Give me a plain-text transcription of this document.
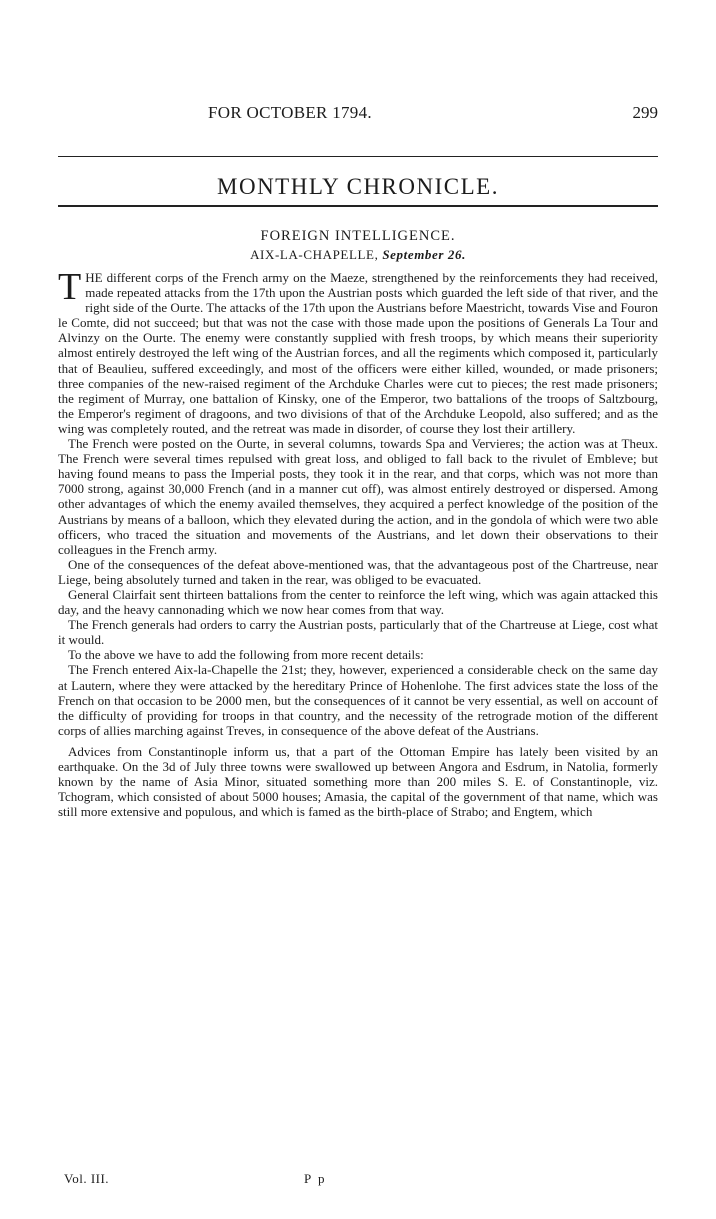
FOR OCTOBER 1794.	299
MONTHLY CHRONICLE.
FOREIGN INTELLIGENCE.
AIX-LA-CHAPELLE, September 26.

THE different corps of the French army on the Maeze, strengthened by the reinforcements they had received, made repeated attacks from the 17th upon the Austrian posts which guarded the left side of that river, and the right side of the Ourte. The attacks of the 17th upon the Austrians before Maestricht, towards Vise and Fouron le Comte, did not succeed; but that was not the case with those made upon the positions of Generals La Tour and Alvinzy on the Ourte. The enemy were constantly supplied with fresh troops, by which means their superiority almost entirely destroyed the left wing of the Austrian forces, and all the regiments which composed it, particularly that of Beaulieu, suffered exceedingly, and most of the officers were either killed, wounded, or made prisoners; three companies of the new-raised regiment of the Archduke Charles were cut to pieces; the rest made prisoners; the regiment of Murray, one battalion of Kinsky, one of the Emperor, two battalions of the troops of Saltzbourg, the Emperor's regiment of dragoons, and two divisions of that of the Archduke Leopold, also suffered; and as the wing was completely routed, and the retreat was made in disorder, of course they lost their artillery.

The French were posted on the Ourte, in several columns, towards Spa and Vervieres; the action was at Theux. The French were several times repulsed with great loss, and obliged to fall back to the rivulet of Embleve; but having found means to pass the Imperial posts, they took it in the rear, and that corps, which was not more than 7000 strong, against 30,000 French (and in a manner cut off), was almost entirely destroyed or dispersed. Among other advantages of which the enemy availed themselves, they acquired a perfect knowledge of the position of the Austrians by means of a balloon, which they elevated during the action, and in the gondola of which were two able officers, who traced the situation and movements of the Austrians, and let down their observations to their colleagues in the French army.

One of the consequences of the defeat above-mentioned was, that the advantageous post of the Chartreuse, near Liege, being absolutely turned and taken in the rear, was obliged to be evacuated.

General Clairfait sent thirteen battalions from the center to reinforce the left wing, which was again attacked this day, and the heavy cannonading which we now hear comes from that way.

The French generals had orders to carry the Austrian posts, particularly that of the Chartreuse at Liege, cost what it would.

To the above we have to add the following from more recent details:

The French entered Aix-la-Chapelle the 21st; they, however, experienced a considerable check on the same day at Lautern, where they were attacked by the hereditary Prince of Hohenlohe. The first advices state the loss of the French on that occasion to be 2000 men, but the consequences of it cannot be very essential, as well on account of the difficulty of providing for troops in that country, and the necessity of the retrograde motion of the different corps of allies marching against Treves, in consequence of the above defeat of the Austrians.

Advices from Constantinople inform us, that a part of the Ottoman Empire has lately been visited by an earthquake. On the 3d of July three towns were swallowed up between Angora and Esdrum, in Natolia, formerly known by the name of Asia Minor, situated something more than 200 miles S. E. of Constantinople, viz. Tchogram, which consisted of about 5000 houses; Amasia, the capital of the government of that name, which was still more extensive and populous, and which is famed as the birth-place of Strabo; and Engtem, which

Vol. III.	P p
